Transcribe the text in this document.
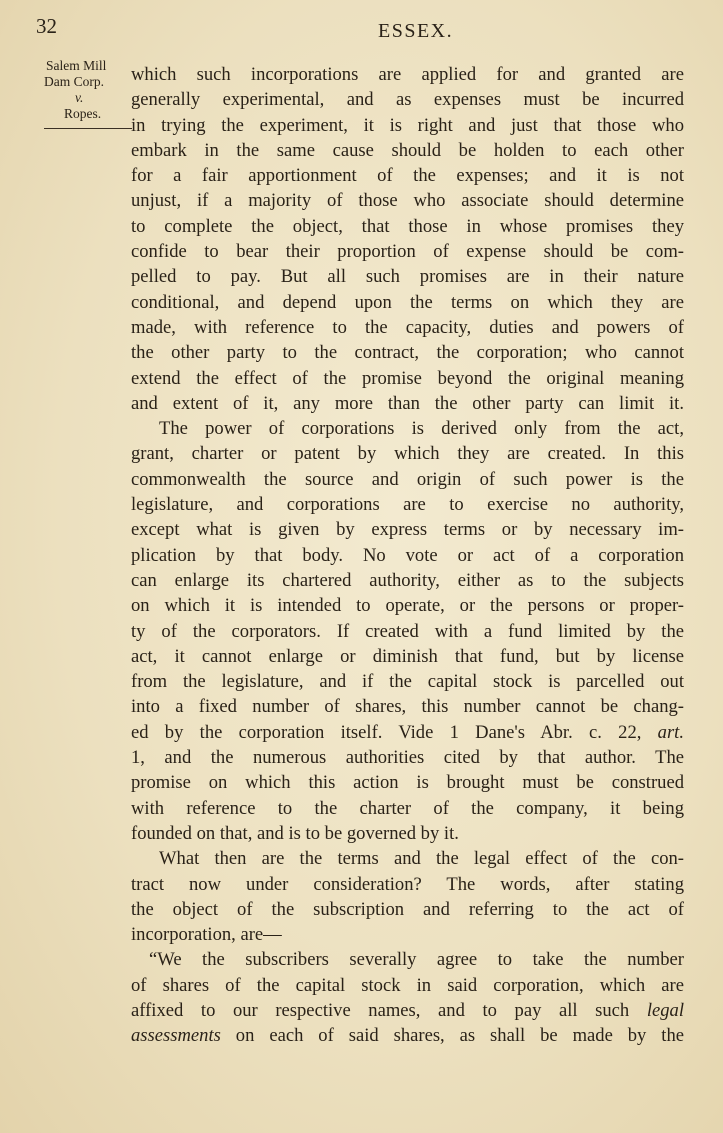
32	ESSEX.
Salem Mill
Dam Corp.
v.
Ropes.
which such incorporations are applied for and granted are
generally experimental, and as expenses must be incurred
in trying the experiment, it is right and just that those who
embark in the same cause should be holden to each other
for a fair apportionment of the expenses; and it is not
unjust, if a majority of those who associate should determine
to complete the object, that those in whose promises they
confide to bear their proportion of expense should be com-
pelled to pay. But all such promises are in their nature
conditional, and depend upon the terms on which they are
made, with reference to the capacity, duties and powers of
the other party to the contract, the corporation; who cannot
extend the effect of the promise beyond the original meaning
and extent of it, any more than the other party can limit it.
The power of corporations is derived only from the act,
grant, charter or patent by which they are created. In this
commonwealth the source and origin of such power is the
legislature, and corporations are to exercise no authority,
except what is given by express terms or by necessary im-
plication by that body. No vote or act of a corporation
can enlarge its chartered authority, either as to the subjects
on which it is intended to operate, or the persons or proper-
ty of the corporators. If created with a fund limited by the
act, it cannot enlarge or diminish that fund, but by license
from the legislature, and if the capital stock is parcelled out
into a fixed number of shares, this number cannot be chang-
ed by the corporation itself. Vide 1 Dane's Abr. c. 22, art.
1, and the numerous authorities cited by that author. The
promise on which this action is brought must be construed
with reference to the charter of the company, it being
founded on that, and is to be governed by it.
What then are the terms and the legal effect of the con-
tract now under consideration? The words, after stating
the object of the subscription and referring to the act of
incorporation, are—
“We the subscribers severally agree to take the number
of shares of the capital stock in said corporation, which are
affixed to our respective names, and to pay all such legal
assessments on each of said shares, as shall be made by the
